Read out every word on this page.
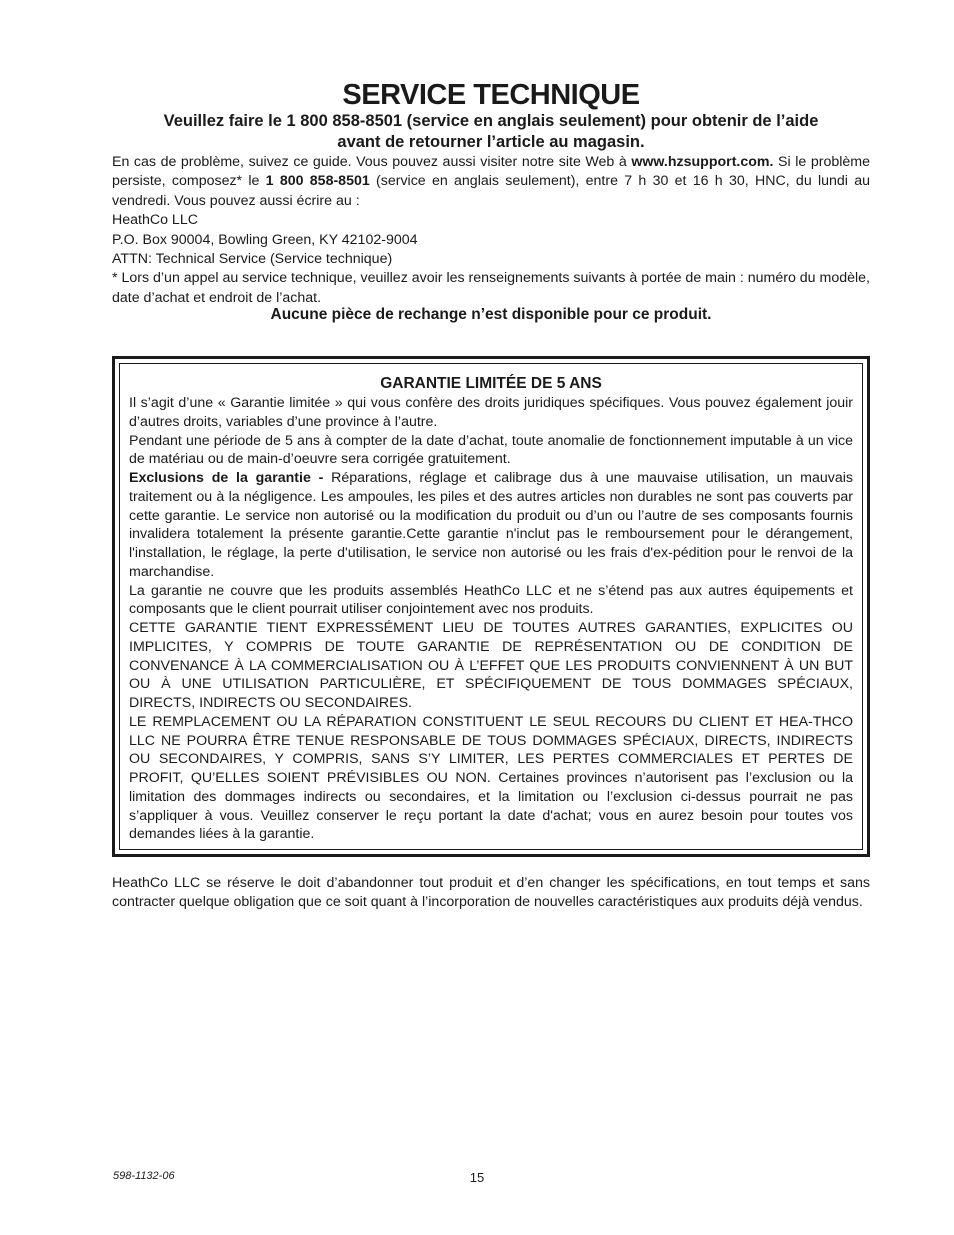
SERVICE TECHNIQUE
Veuillez faire le 1 800 858-8501 (service en anglais seulement) pour obtenir de l’aide
avant de retourner l’article au magasin.

En cas de problème, suivez ce guide. Vous pouvez aussi visiter notre site Web à www.hzsupport.com. Si le problème persiste, composez* le 1 800 858-8501 (service en anglais seulement), entre 7 h 30 et 16 h 30, HNC, du lundi au vendredi. Vous pouvez aussi écrire au :

HeathCo LLC

P.O. Box 90004, Bowling Green, KY 42102-9004

ATTN: Technical Service (Service technique)

* Lors d’un appel au service technique, veuillez avoir les renseignements suivants à portée de main : numéro du modèle, date d’achat et endroit de l’achat.

Aucune pièce de rechange n’est disponible pour ce produit.
GARANTIE LIMITÉE DE 5 ANS

Il s’agit d’une « Garantie limitée » qui vous confère des droits juridiques spécifiques. Vous pouvez également jouir d’autres droits, variables d’une province à l’autre.

Pendant une période de 5 ans à compter de la date d’achat, toute anomalie de fonctionnement imputable à un vice de matériau ou de main-d’oeuvre sera corrigée gratuitement.

Exclusions de la garantie - Réparations, réglage et calibrage dus à une mauvaise utilisation, un mauvais traitement ou à la négligence. Les ampoules, les piles et des autres articles non durables ne sont pas couverts par cette garantie. Le service non autorisé ou la modification du produit ou d’un ou l’autre de ses composants fournis invalidera totalement la présente garantie.Cette garantie n'inclut pas le remboursement pour le dérangement, l'installation, le réglage, la perte d'utilisation, le service non autorisé ou les frais d'ex-pédition pour le renvoi de la marchandise.

La garantie ne couvre que les produits assemblés HeathCo LLC et ne s’étend pas aux autres équipements et composants que le client pourrait utiliser conjointement avec nos produits.

CETTE GARANTIE TIENT EXPRESSÉMENT LIEU DE TOUTES AUTRES GARANTIES, EXPLICITES OU IMPLICITES, Y COMPRIS DE TOUTE GARANTIE DE REPRÉSENTATION OU DE CONDITION DE CONVENANCE À LA COMMERCIALISATION OU À L’EFFET QUE LES PRODUITS CONVIENNENT À UN BUT OU À UNE UTILISATION PARTICULIÈRE, ET SPÉCIFIQUEMENT DE TOUS DOMMAGES SPÉCIAUX, DIRECTS, INDIRECTS OU SECONDAIRES.

LE REMPLACEMENT OU LA RÉPARATION CONSTITUENT LE SEUL RECOURS DU CLIENT ET HEA-THCO LLC NE POURRA ÊTRE TENUE RESPONSABLE DE TOUS DOMMAGES SPÉCIAUX, DIRECTS, INDIRECTS OU SECONDAIRES, Y COMPRIS, SANS S’Y LIMITER, LES PERTES COMMERCIALES ET PERTES DE PROFIT, QU’ELLES SOIENT PRÉVISIBLES OU NON. Certaines provinces n’autorisent pas l’exclusion ou la limitation des dommages indirects ou secondaires, et la limitation ou l’exclusion ci-dessus pourrait ne pas s’appliquer à vous. Veuillez conserver le reçu portant la date d'achat; vous en aurez besoin pour toutes vos demandes liées à la garantie.

HeathCo LLC se réserve le doit d’abandonner tout produit et d’en changer les spécifications, en tout temps et sans contracter quelque obligation que ce soit quant à l’incorporation de nouvelles caractéristiques aux produits déjà vendus.

598-1132-06	15
